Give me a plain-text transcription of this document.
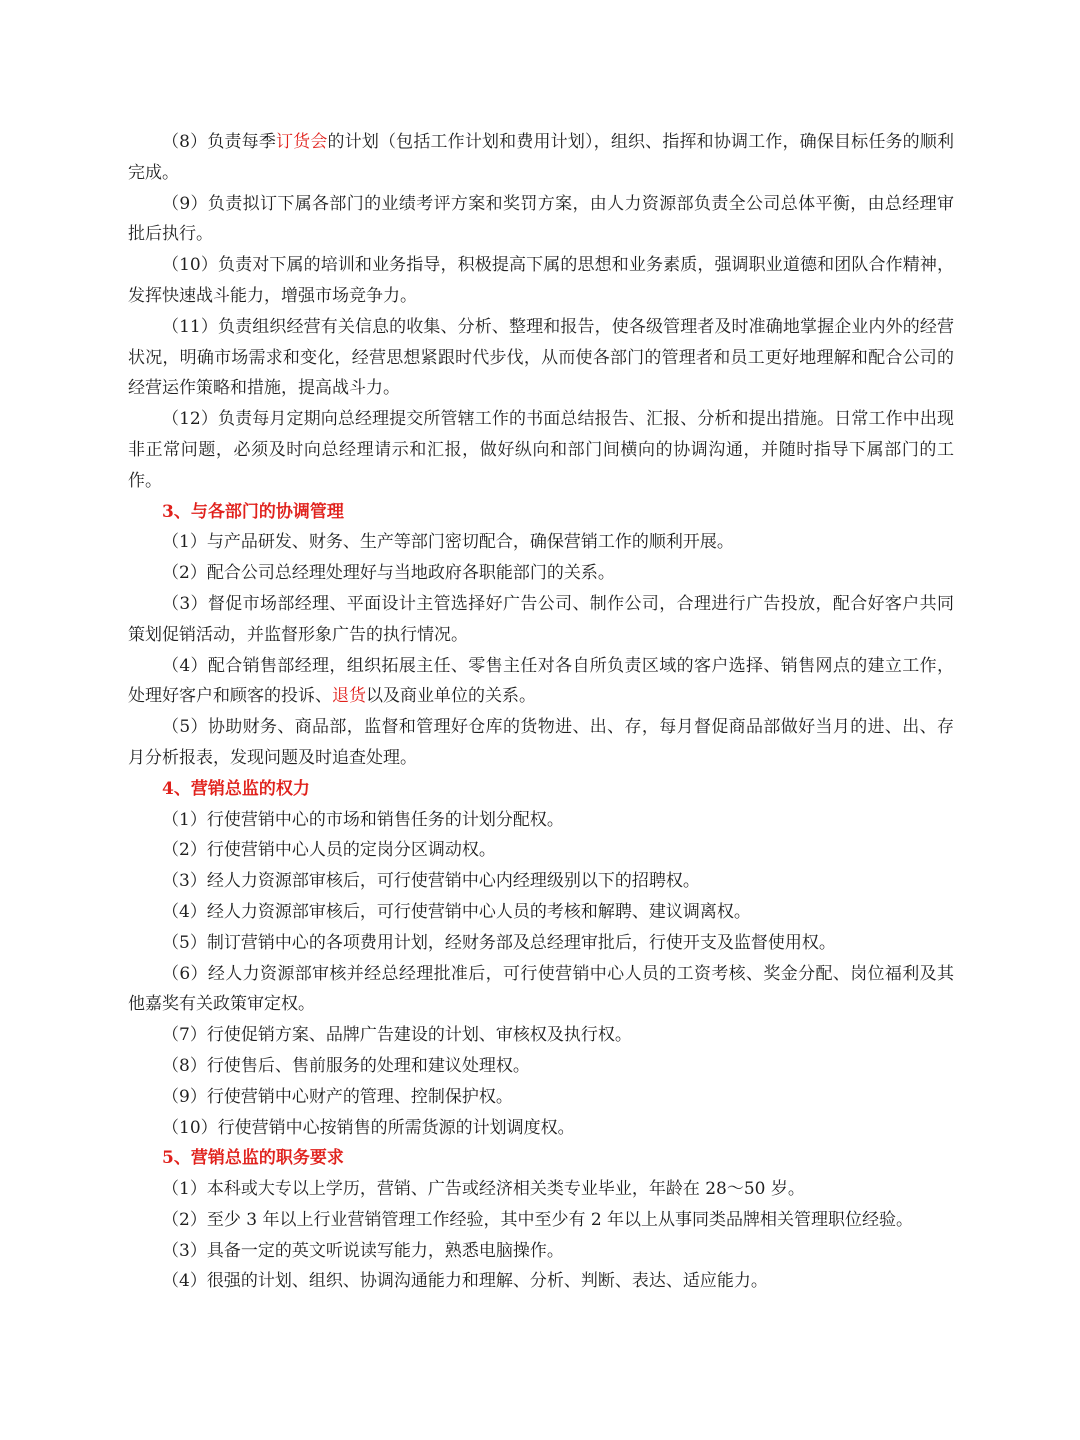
（8）负责每季订货会的计划（包括工作计划和费用计划），组织、指挥和协调工作，确保目标任务的顺利完成。

（9）负责拟订下属各部门的业绩考评方案和奖罚方案，由人力资源部负责全公司总体平衡，由总经理审批后执行。

（10）负责对下属的培训和业务指导，积极提高下属的思想和业务素质，强调职业道德和团队合作精神，发挥快速战斗能力，增强市场竞争力。

（11）负责组织经营有关信息的收集、分析、整理和报告，使各级管理者及时准确地掌握企业内外的经营状况，明确市场需求和变化，经营思想紧跟时代步伐，从而使各部门的管理者和员工更好地理解和配合公司的经营运作策略和措施，提高战斗力。

（12）负责每月定期向总经理提交所管辖工作的书面总结报告、汇报、分析和提出措施。日常工作中出现非正常问题，必须及时向总经理请示和汇报，做好纵向和部门间横向的协调沟通，并随时指导下属部门的工作。

3、与各部门的协调管理

（1）与产品研发、财务、生产等部门密切配合，确保营销工作的顺利开展。

（2）配合公司总经理处理好与当地政府各职能部门的关系。

（3）督促市场部经理、平面设计主管选择好广告公司、制作公司，合理进行广告投放，配合好客户共同策划促销活动，并监督形象广告的执行情况。

（4）配合销售部经理，组织拓展主任、零售主任对各自所负责区域的客户选择、销售网点的建立工作，处理好客户和顾客的投诉、退货以及商业单位的关系。

（5）协助财务、商品部，监督和管理好仓库的货物进、出、存，每月督促商品部做好当月的进、出、存月分析报表，发现问题及时追查处理。

4、营销总监的权力

（1）行使营销中心的市场和销售任务的计划分配权。

（2）行使营销中心人员的定岗分区调动权。

（3）经人力资源部审核后，可行使营销中心内经理级别以下的招聘权。

（4）经人力资源部审核后，可行使营销中心人员的考核和解聘、建议调离权。

（5）制订营销中心的各项费用计划，经财务部及总经理审批后，行使开支及监督使用权。

（6）经人力资源部审核并经总经理批准后，可行使营销中心人员的工资考核、奖金分配、岗位福利及其他嘉奖有关政策审定权。

（7）行使促销方案、品牌广告建设的计划、审核权及执行权。

（8）行使售后、售前服务的处理和建议处理权。

（9）行使营销中心财产的管理、控制保护权。

（10）行使营销中心按销售的所需货源的计划调度权。

5、营销总监的职务要求

（1）本科或大专以上学历，营销、广告或经济相关类专业毕业，年龄在 28～50 岁。

（2）至少 3 年以上行业营销管理工作经验，其中至少有 2 年以上从事同类品牌相关管理职位经验。

（3）具备一定的英文听说读写能力，熟悉电脑操作。

（4）很强的计划、组织、协调沟通能力和理解、分析、判断、表达、适应能力。
